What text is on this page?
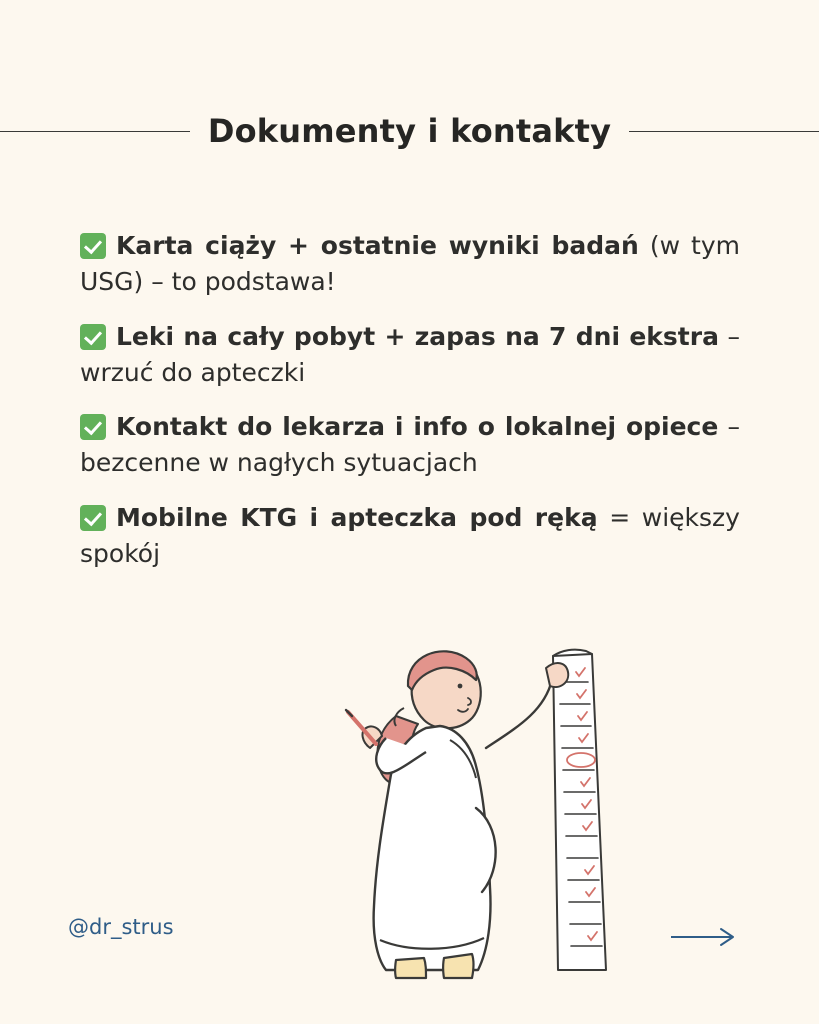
Dokumenty i kontakty
Karta ciąży + ostatnie wyniki badań (w tym USG) – to podstawa!
Leki na cały pobyt + zapas na 7 dni ekstra – wrzuć do apteczki
Kontakt do lekarza i info o lokalnej opiece – bezcenne w nagłych sytuacjach
Mobilne KTG i apteczka pod ręką = większy spokój
@dr_strus
